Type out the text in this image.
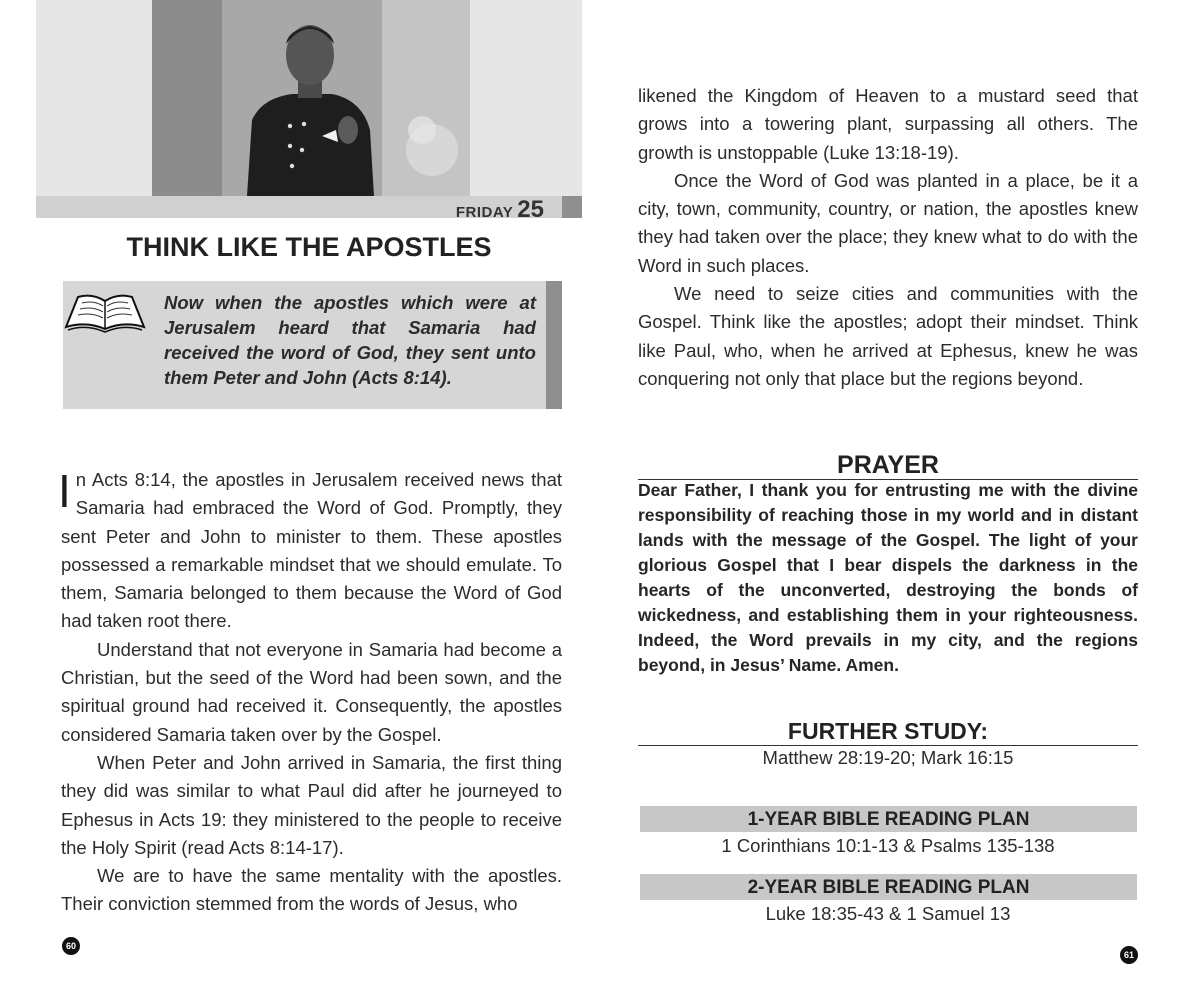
FRIDAY 25
THINK LIKE THE APOSTLES
Now when the apostles which were at Jerusalem heard that Samaria had received the word of God, they sent unto them Peter and John (Acts 8:14).

In Acts 8:14, the apostles in Jerusalem received news that Samaria had embraced the Word of God. Promptly, they sent Peter and John to minister to them. These apostles possessed a remarkable mindset that we should emulate. To them, Samaria belonged to them because the Word of God had taken root there.

Understand that not everyone in Samaria had become a Christian, but the seed of the Word had been sown, and the spiritual ground had received it. Consequently, the apostles considered Samaria taken over by the Gospel.

When Peter and John arrived in Samaria, the first thing they did was similar to what Paul did after he journeyed to Ephesus in Acts 19: they ministered to the people to receive the Holy Spirit (read Acts 8:14-17).

We are to have the same mentality with the apostles. Their conviction stemmed from the words of Jesus, who

60

likened the Kingdom of Heaven to a mustard seed that grows into a towering plant, surpassing all others. The growth is unstoppable (Luke 13:18-19).

Once the Word of God was planted in a place, be it a city, town, community, country, or nation, the apostles knew they had taken over the place; they knew what to do with the Word in such places.

We need to seize cities and communities with the Gospel. Think like the apostles; adopt their mindset. Think like Paul, who, when he arrived at Ephesus, knew he was conquering not only that place but the regions beyond.

PRAYER
Dear Father, I thank you for entrusting me with the divine responsibility of reaching those in my world and in distant lands with the message of the Gospel. The light of your glorious Gospel that I bear dispels the darkness in the hearts of the unconverted, destroying the bonds of wickedness, and establishing them in your righteousness. Indeed, the Word prevails in my city, and the regions beyond, in Jesus’ Name. Amen.
FURTHER STUDY:
Matthew 28:19-20; Mark 16:15
1-YEAR BIBLE READING PLAN
1 Corinthians 10:1-13 & Psalms 135-138
2-YEAR BIBLE READING PLAN
Luke 18:35-43 & 1 Samuel 13
61
